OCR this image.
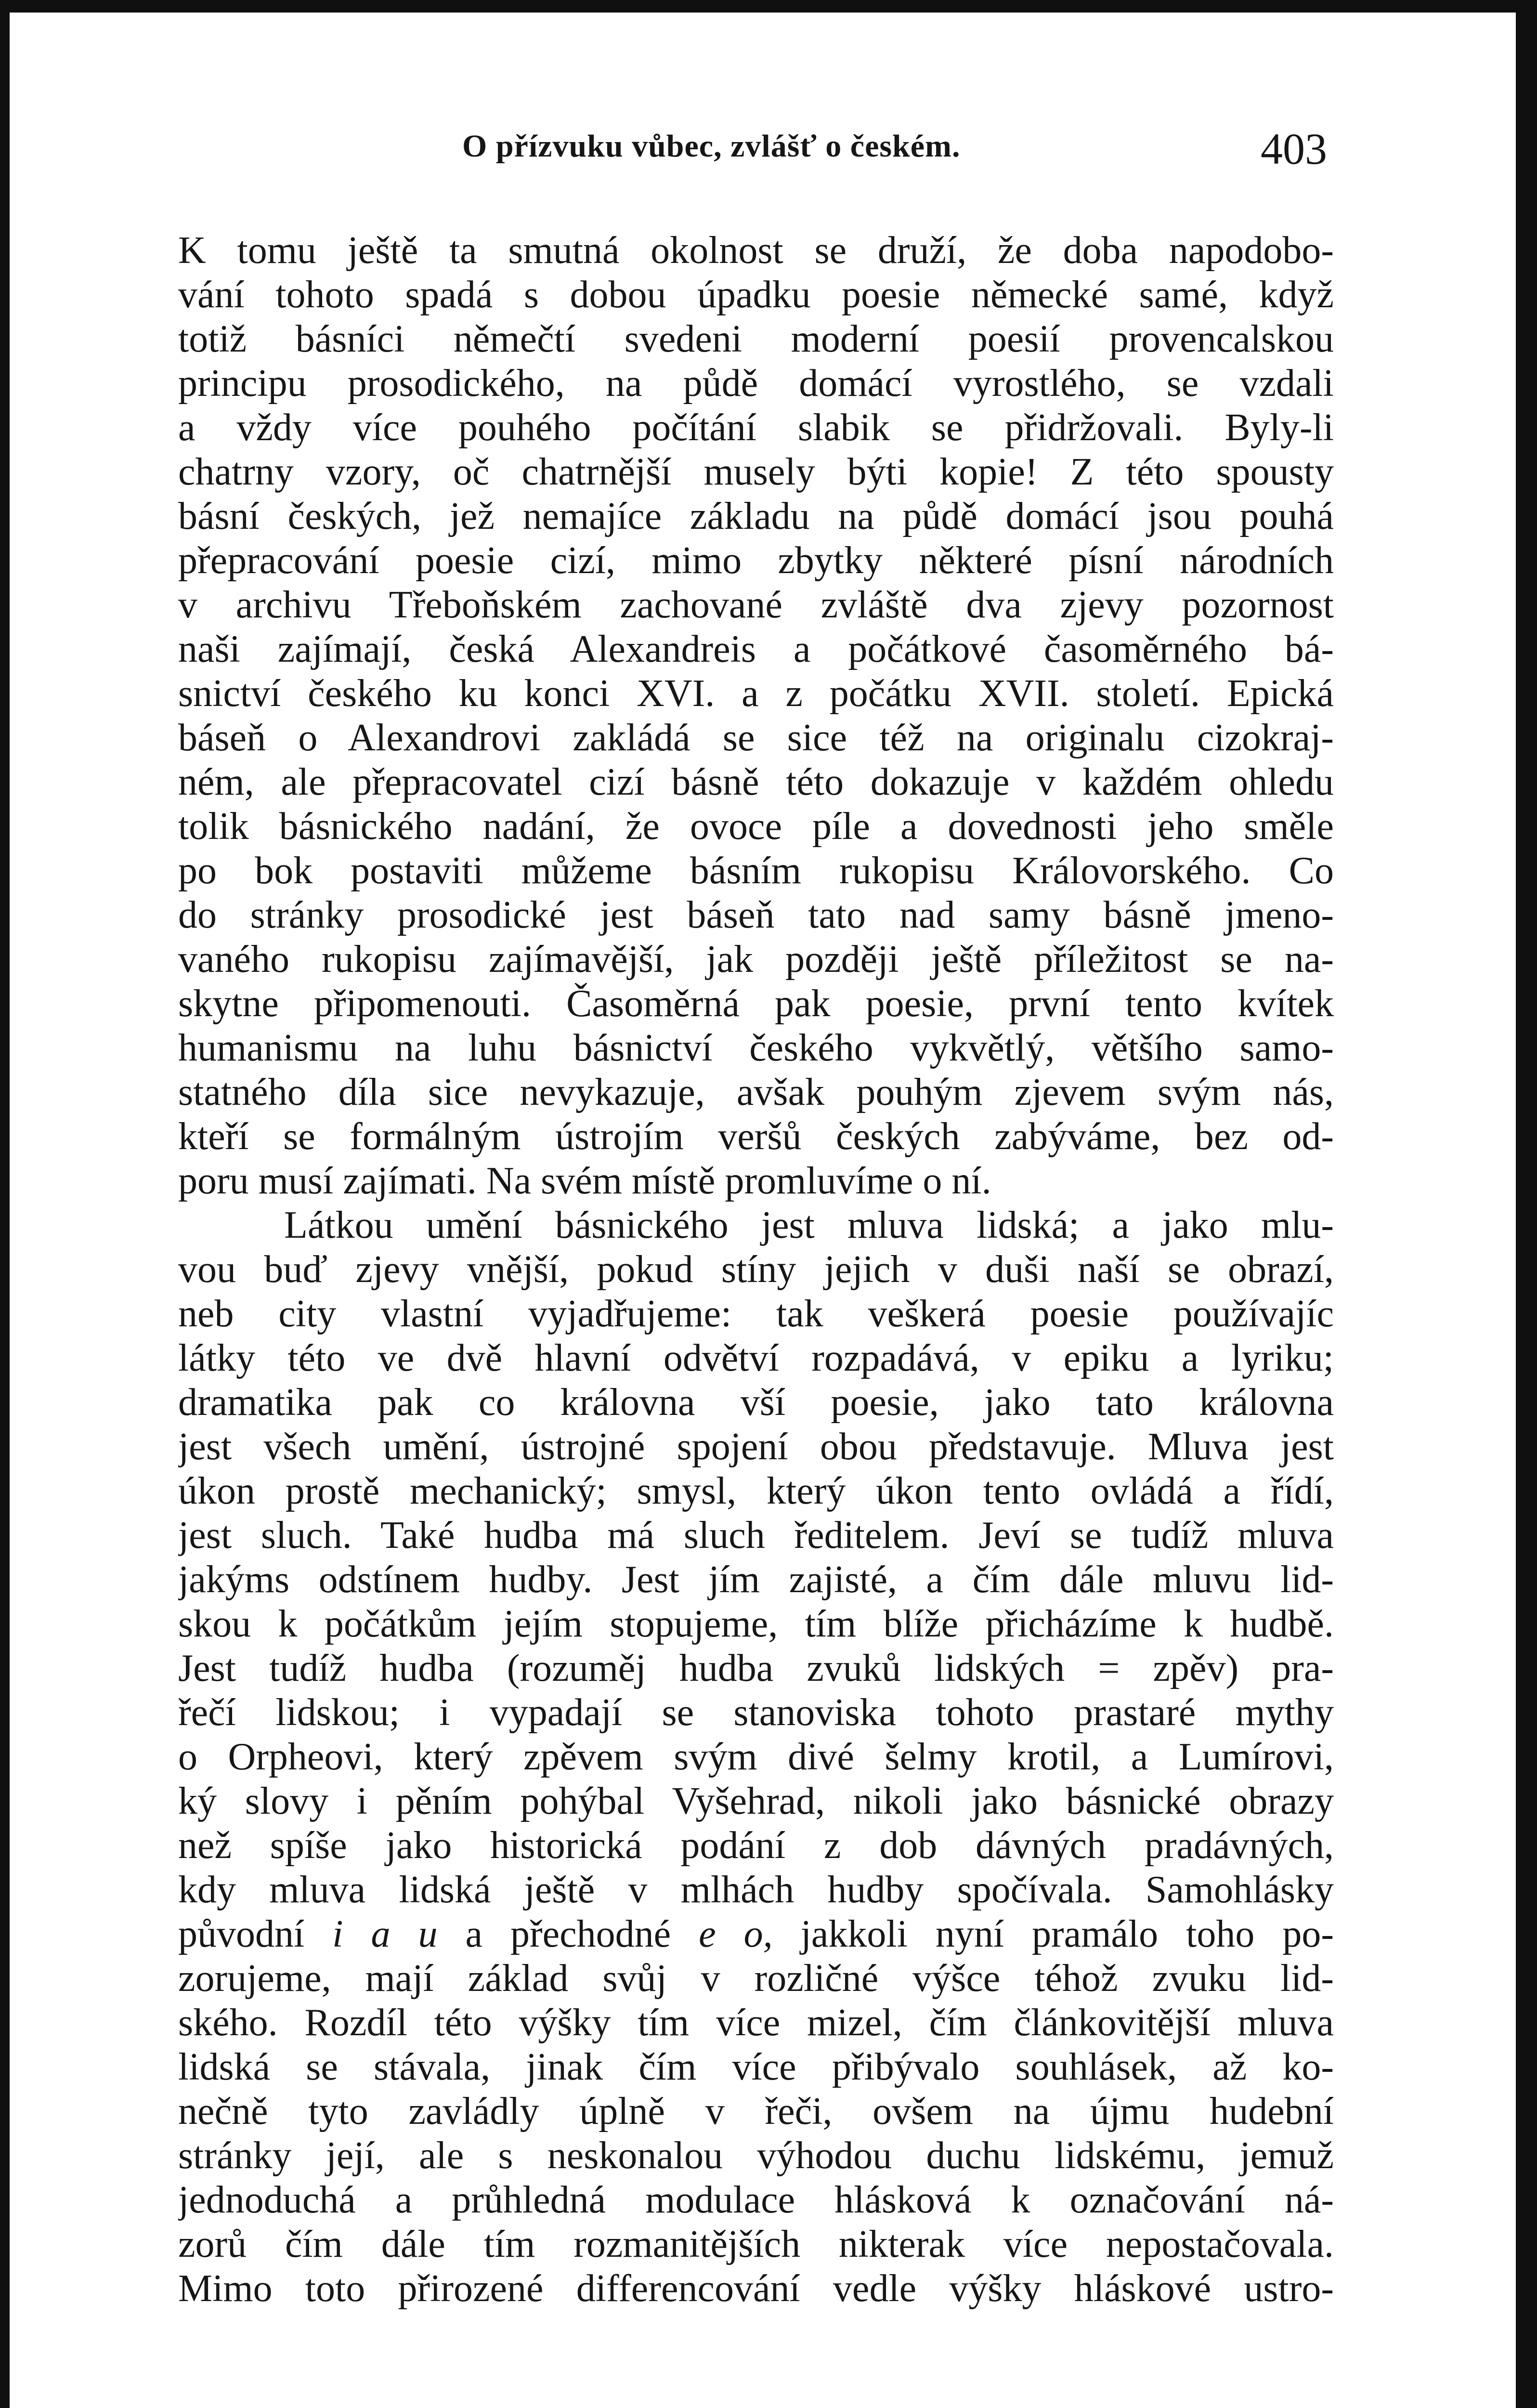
O přízvuku vůbec, zvlášť o českém.	403
K tomu ještě ta smutná okolnost se druží, že doba napodobo-
vání tohoto spadá s dobou úpadku poesie německé samé, když
totiž básníci němečtí svedeni moderní poesií provencalskou
principu prosodického, na půdě domácí vyrostlého, se vzdali
a vždy více pouhého počítání slabik se přidržovali. Byly-li
chatrny vzory, oč chatrnější musely býti kopie! Z této spousty
básní českých, jež nemajíce základu na půdě domácí jsou pouhá
přepracování poesie cizí, mimo zbytky některé písní národních
v archivu Třeboňském zachované zvláště dva zjevy pozornost
naši zajímají, česká Alexandreis a počátkové časoměrného bá-
snictví českého ku konci XVI. a z počátku XVII. století. Epická
báseň o Alexandrovi zakládá se sice též na originalu cizokraj-
ném, ale přepracovatel cizí básně této dokazuje v každém ohledu
tolik básnického nadání, že ovoce píle a dovednosti jeho směle
po bok postaviti můžeme básním rukopisu Královorského. Co
do stránky prosodické jest báseň tato nad samy básně jmeno-
vaného rukopisu zajímavější, jak později ještě příležitost se na-
skytne připomenouti. Časoměrná pak poesie, první tento kvítek
humanismu na luhu básnictví českého vykvětlý, většího samo-
statného díla sice nevykazuje, avšak pouhým zjevem svým nás,
kteří se formálným ústrojím veršů českých zabýváme, bez od-
poru musí zajímati. Na svém místě promluvíme o ní.
Látkou umění básnického jest mluva lidská; a jako mlu-
vou buď zjevy vnější, pokud stíny jejich v duši naší se obrazí,
neb city vlastní vyjadřujeme: tak veškerá poesie používajíc
látky této ve dvě hlavní odvětví rozpadává, v epiku a lyriku;
dramatika pak co královna vší poesie, jako tato královna
jest všech umění, ústrojné spojení obou představuje. Mluva jest
úkon prostě mechanický; smysl, který úkon tento ovládá a řídí,
jest sluch. Také hudba má sluch ředitelem. Jeví se tudíž mluva
jakýms odstínem hudby. Jest jím zajisté, a čím dále mluvu lid-
skou k počátkům jejím stopujeme, tím blíže přicházíme k hudbě.
Jest tudíž hudba (rozuměj hudba zvuků lidských = zpěv) pra-
řečí lidskou; i vypadají se stanoviska tohoto prastaré mythy
o Orpheovi, který zpěvem svým divé šelmy krotil, a Lumírovi,
ký slovy i pěním pohýbal Vyšehrad, nikoli jako básnické obrazy
než spíše jako historická podání z dob dávných pradávných,
kdy mluva lidská ještě v mlhách hudby spočívala. Samohlásky
původní i a u a přechodné e o, jakkoli nyní pramálo toho po-
zorujeme, mají základ svůj v rozličné výšce téhož zvuku lid-
ského. Rozdíl této výšky tím více mizel, čím článkovitější mluva
lidská se stávala, jinak čím více přibývalo souhlásek, až ko-
nečně tyto zavládly úplně v řeči, ovšem na újmu hudební
stránky její, ale s neskonalou výhodou duchu lidskému, jemuž
jednoduchá a průhledná modulace hlásková k označování ná-
zorů čím dále tím rozmanitějších nikterak více nepostačovala.
Mimo toto přirozené differencování vedle výšky hláskové ustro-
